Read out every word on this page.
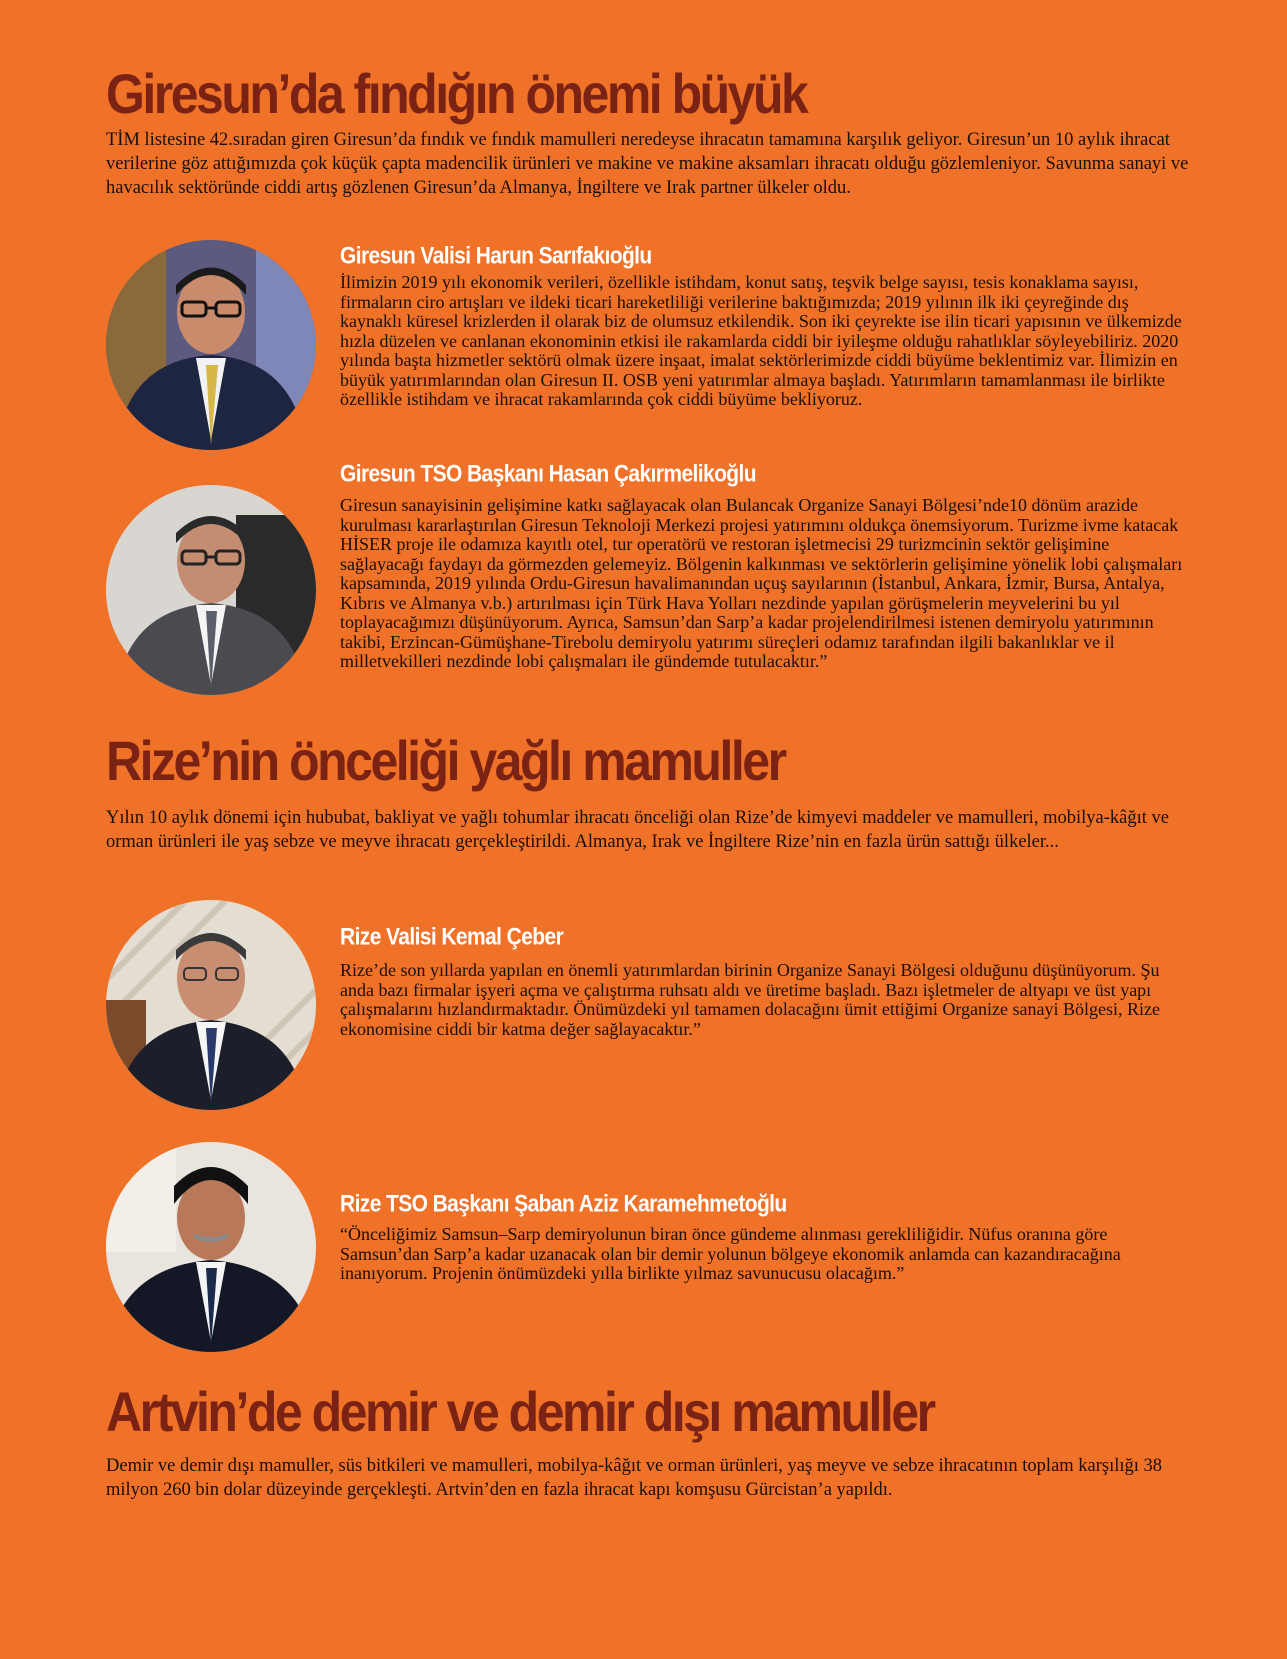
Giresun’da fındığın önemi büyük

TİM listesine 42.sıradan giren Giresun’da fındık ve fındık mamulleri neredeyse ihracatın tamamına karşılık geliyor. Giresun’un 10 aylık ihracat verilerine göz attığımızda çok küçük çapta madencilik ürünleri ve makine ve makine aksamları ihracatı olduğu gözlemleniyor. Savunma sanayi ve havacılık sektöründe ciddi artış gözlenen Giresun’da Almanya, İngiltere ve Irak partner ülkeler oldu.

Giresun Valisi Harun Sarıfakıoğlu

İlimizin 2019 yılı ekonomik verileri, özellikle istihdam, konut satış, teşvik belge sayısı, tesis konaklama sayısı, firmaların ciro artışları ve ildeki ticari hareketliliği verilerine baktığımızda; 2019 yılının ilk iki çeyreğinde dış kaynaklı küresel krizlerden il olarak biz de olumsuz etkilendik. Son iki çeyrekte ise ilin ticari yapısının ve ülkemizde hızla düzelen ve canlanan ekonominin etkisi ile rakamlarda ciddi bir iyileşme olduğu rahatlıklar söyleyebiliriz. 2020 yılında başta hizmetler sektörü olmak üzere inşaat, imalat sektörlerimizde ciddi büyüme beklentimiz var. İlimizin en büyük yatırımlarından olan Giresun II. OSB yeni yatırımlar almaya başladı. Yatırımların tamamlanması ile birlikte özellikle istihdam ve ihracat rakamlarında çok ciddi büyüme bekliyoruz.

Giresun TSO Başkanı Hasan Çakırmelikoğlu

Giresun sanayisinin gelişimine katkı sağlayacak olan Bulancak Organize Sanayi Bölgesi’nde10 dönüm arazide kurulması kararlaştırılan Giresun Teknoloji Merkezi projesi yatırımını oldukça önemsiyorum. Turizme ivme katacak HİSER proje ile odamıza kayıtlı otel, tur operatörü ve restoran işletmecisi 29 turizmcinin sektör gelişimine sağlayacağı faydayı da görmezden gelemeyiz. Bölgenin kalkınması ve sektörlerin gelişimine yönelik lobi çalışmaları kapsamında, 2019 yılında Ordu-Giresun havalimanından uçuş sayılarının (İstanbul, Ankara, İzmir, Bursa, Antalya, Kıbrıs ve Almanya v.b.) artırılması için Türk Hava Yolları nezdinde yapılan görüşmelerin meyvelerini bu yıl toplayacağımızı düşünüyorum. Ayrıca, Samsun’dan Sarp’a kadar projelendirilmesi istenen demiryolu yatırımının takibi, Erzincan-Gümüşhane-Tirebolu demiryolu yatırımı süreçleri odamız tarafından ilgili bakanlıklar ve il milletvekilleri nezdinde lobi çalışmaları ile gündemde tutulacaktır.”

Rize’nin önceliği yağlı mamuller

Yılın 10 aylık dönemi için hububat, bakliyat ve yağlı tohumlar ihracatı önceliği olan Rize’de kimyevi maddeler ve mamulleri, mobilya-kâğıt ve orman ürünleri ile yaş sebze ve meyve ihracatı gerçekleştirildi. Almanya, Irak ve İngiltere Rize’nin en fazla ürün sattığı ülkeler...

Rize Valisi Kemal Çeber

Rize’de son yıllarda yapılan en önemli yatırımlardan birinin Organize Sanayi Bölgesi olduğunu düşünüyorum. Şu anda bazı firmalar işyeri açma ve çalıştırma ruhsatı aldı ve üretime başladı. Bazı işletmeler de altyapı ve üst yapı çalışmalarını hızlandırmaktadır. Önümüzdeki yıl tamamen dolacağını ümit ettiğimi Organize sanayi Bölgesi, Rize ekonomisine ciddi bir katma değer sağlayacaktır.”

Rize TSO Başkanı Şaban Aziz Karamehmetoğlu

“Önceliğimiz Samsun–Sarp demiryolunun biran önce gündeme alınması gerekliliğidir. Nüfus oranına göre Samsun’dan Sarp’a kadar uzanacak olan bir demir yolunun bölgeye ekonomik anlamda can kazandıracağına inanıyorum. Projenin önümüzdeki yılla birlikte yılmaz savunucusu olacağım.”

Artvin’de demir ve demir dışı mamuller

Demir ve demir dışı mamuller, süs bitkileri ve mamulleri, mobilya-kâğıt ve orman ürünleri, yaş meyve ve sebze ihracatının toplam karşılığı 38 milyon 260 bin dolar düzeyinde gerçekleşti. Artvin’den en fazla ihracat kapı komşusu Gürcistan’a yapıldı.
